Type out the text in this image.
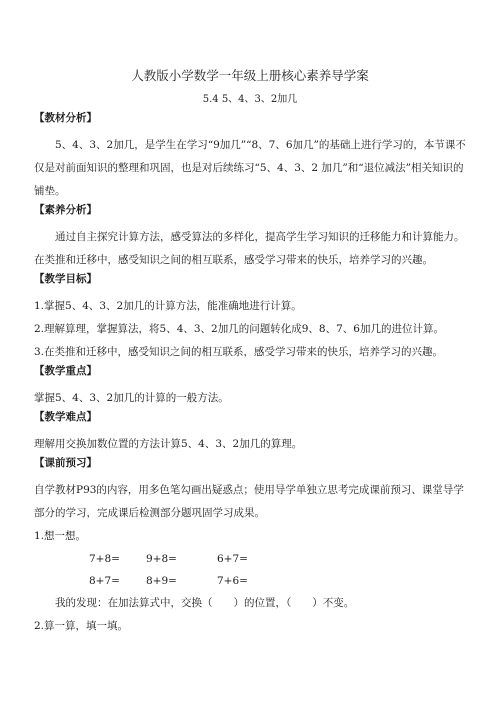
人教版小学数学一年级上册核心素养导学案
5.4 5、4、3、2加几
【教材分析】

5、4、3、2加几，是学生在学习“9加几”“8、7、6加几”的基础上进行学习的，本节课不仅是对前面知识的整理和巩固，也是对后续练习“5、4、3、2 加几”和“退位减法”相关知识的铺垫。

【素养分析】

通过自主探究计算方法，感受算法的多样化，提高学生学习知识的迁移能力和计算能力。在类推和迁移中，感受知识之间的相互联系，感受学习带来的快乐，培养学习的兴趣。

【教学目标】
1.掌握5、4、3、2加几的计算方法，能准确地进行计算。
2.理解算理，掌握算法，将5、4、3、2加几的问题转化成9、8、7、6加几的进位计算。
3.在类推和迁移中，感受知识之间的相互联系，感受学习带来的快乐，培养学习的兴趣。
【教学重点】
掌握5、4、3、2加几的计算的一般方法。
【教学难点】
理解用交换加数位置的方法计算5、4、3、2加几的算理。
【课前预习】

自学教材P93的内容，用多色笔勾画出疑惑点；使用导学单独立思考完成课前预习、课堂导学部分的学习，完成课后检测部分题巩固学习成果。

1.想一想。
7+8= 9+8=	6+7=
8+7= 8+9=	7+6=
我的发现：在加法算式中，交换（　　）的位置，（　　）不变。
2.算一算，填一填。
